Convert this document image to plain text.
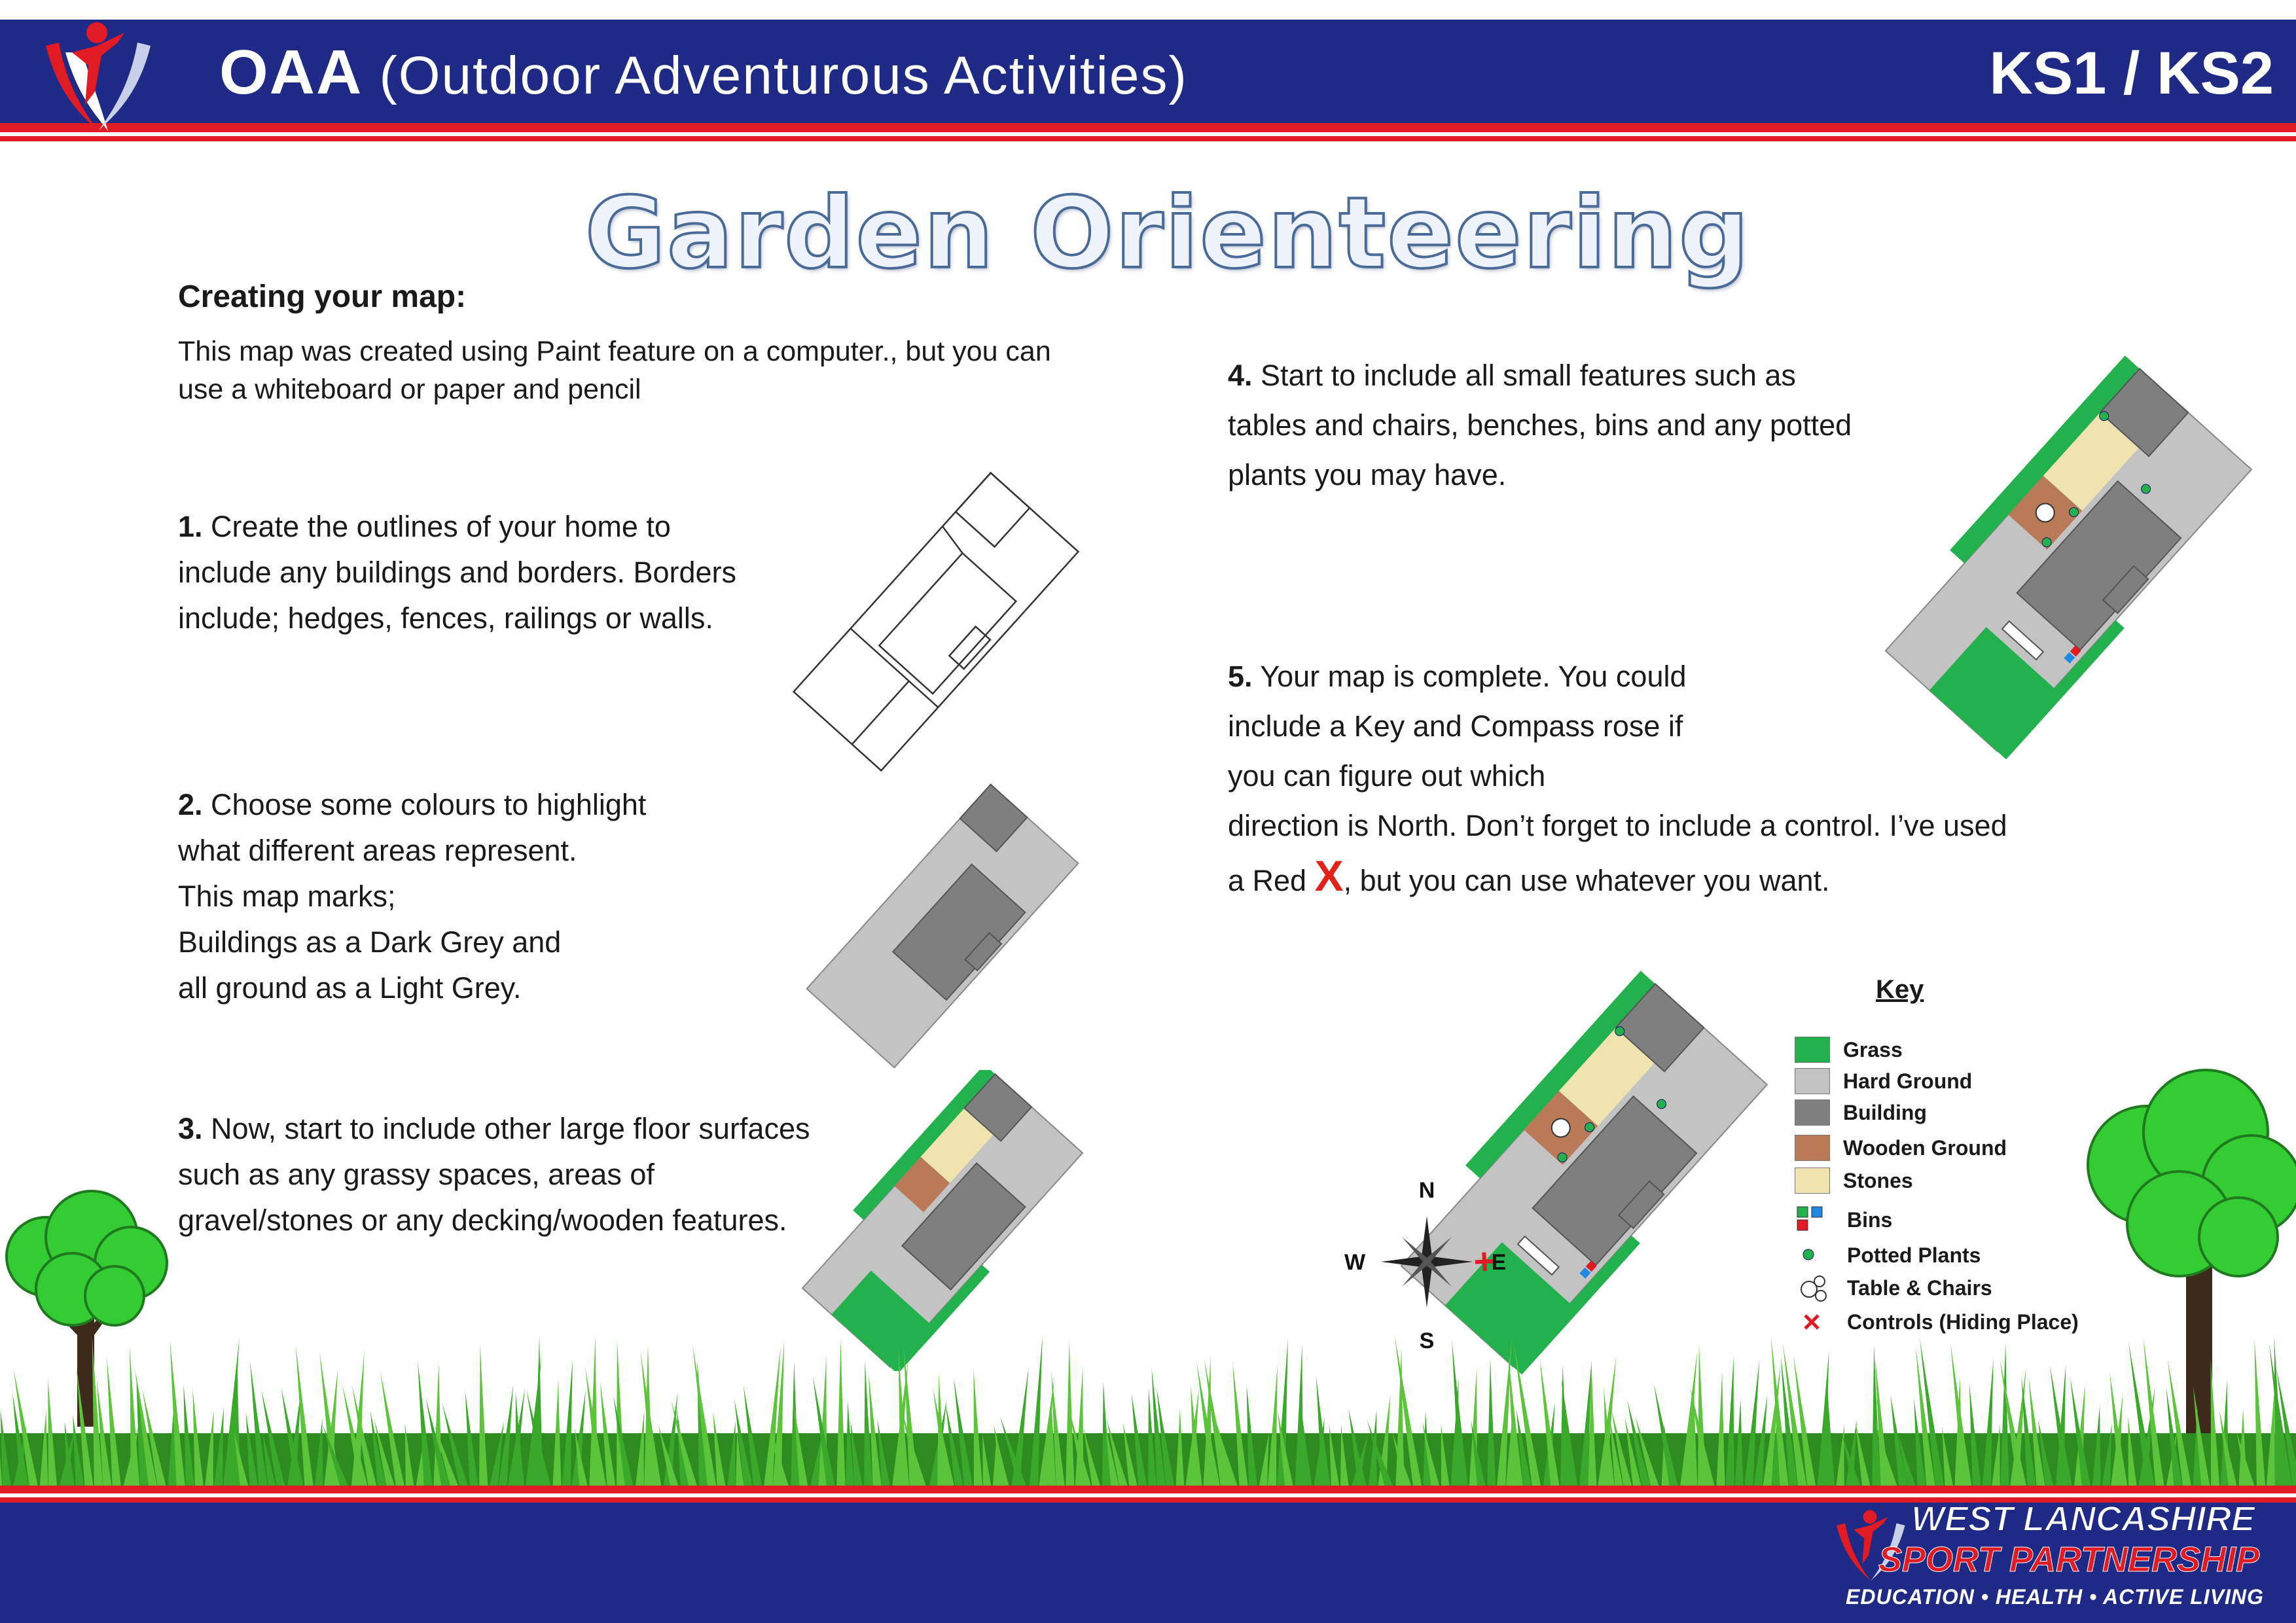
OAA (Outdoor Adventurous Activities)	KS1 / KS2
Garden Orienteering
Creating your map:
This map was created using Paint feature on a computer., but you can use a whiteboard or paper and pencil
1. Create the outlines of your home to include any buildings and borders. Borders include; hedges, fences, railings or walls.
2. Choose some colours to highlight
what different areas represent.
This map marks;
Buildings as a Dark Grey and
all ground as a Light Grey.
3. Now, start to include other large floor surfaces such as any grassy spaces, areas of gravel/stones or any decking/wooden features.
4. Start to include all small features such as tables and chairs, benches, bins and any potted plants you may have.
5. Your map is complete. You could include a Key and Compass rose if you can figure out which
direction is North. Don’t forget to include a control. I’ve used
a Red X, but you can use whatever you want.
N
S
E
W
Key
Grass
Hard Ground
Building
Wooden Ground
Stones
Bins
Potted Plants
Table & Chairs
Controls (Hiding Place)
WEST LANCASHIRE
SPORT PARTNERSHIP
EDUCATION • HEALTH • ACTIVE LIVING
